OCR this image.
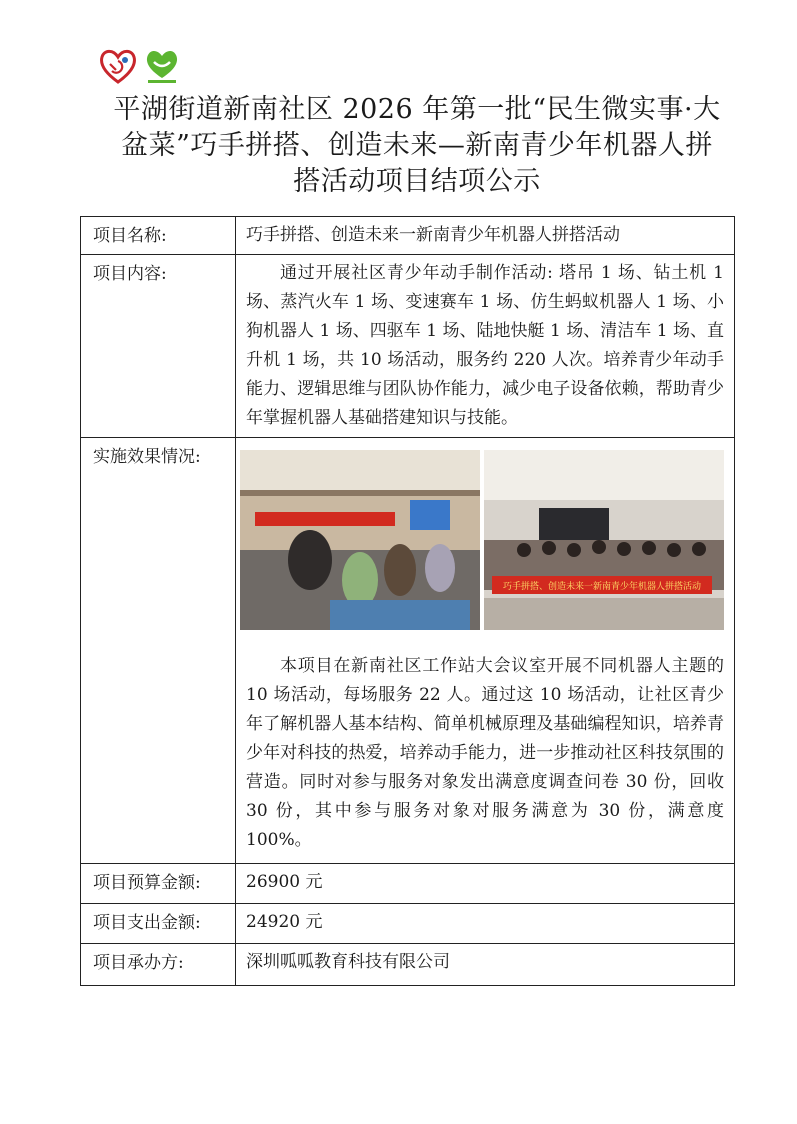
平湖街道新南社区 2026 年第一批“民生微实事·大
盆菜”巧手拼搭、创造未来—新南青少年机器人拼
搭活动项目结项公示
项目名称:	巧手拼搭、创造未来一新南青少年机器人拼搭活动
项目内容:	通过开展社区青少年动手制作活动: 塔吊 1 场、钻土机 1 场、蒸汽火车 1 场、变速赛车 1 场、仿生蚂蚁机器人 1 场、小狗机器人 1 场、四驱车 1 场、陆地快艇 1 场、清洁车 1 场、直升机 1 场，共 10 场活动，服务约 220 人次。培养青少年动手能力、逻辑思维与团队协作能力，减少电子设备依赖，帮助青少年掌握机器人基础搭建知识与技能。

实施效果情况:	巧手拼搭、创造未来一新南青少年机器人拼搭活动
本项目在新南社区工作站大会议室开展不同机器人主题的 10 场活动，每场服务 22 人。通过这 10 场活动，让社区青少年了解机器人基本结构、简单机械原理及基础编程知识，培养青少年对科技的热爱，培养动手能力，进一步推动社区科技氛围的营造。同时对参与服务对象发出满意度调查问卷 30 份，回收 30 份，其中参与服务对象对服务满意为 30 份，满意度 100%。

项目预算金额:	26900 元
项目支出金额:	24920 元
项目承办方:	深圳呱呱教育科技有限公司
